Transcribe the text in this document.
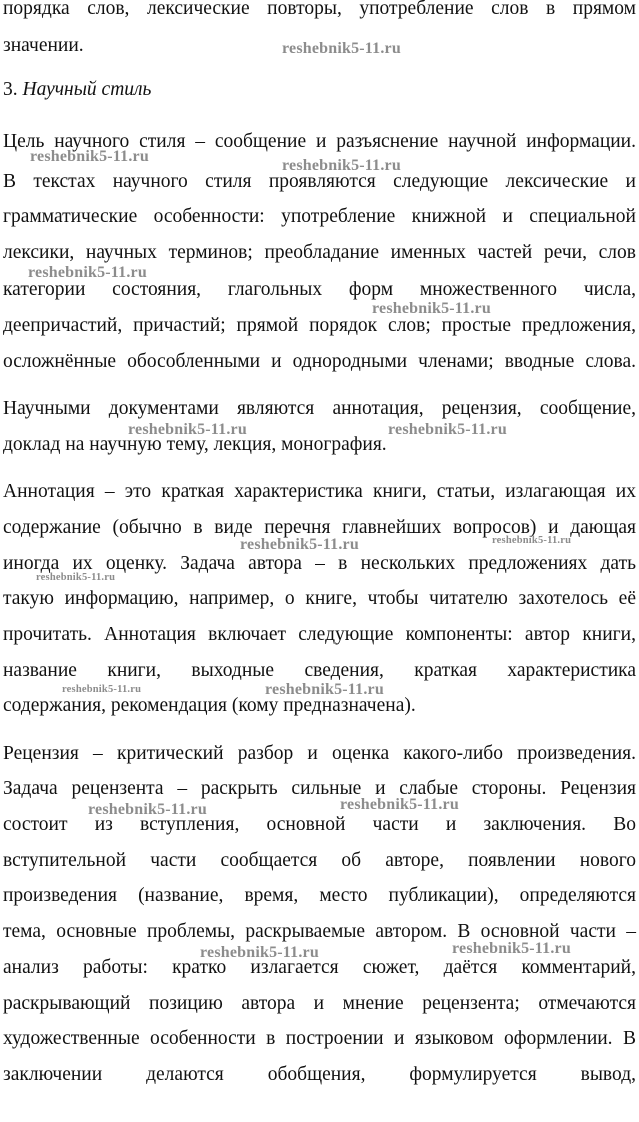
порядка слов, лексические повторы, употребление слов в прямом
значении.
3. Научный стиль
Цель научного стиля – сообщение и разъяснение научной информации.
В текстах научного стиля проявляются следующие лексические и
грамматические особенности: употребление книжной и специальной
лексики, научных терминов; преобладание именных частей речи, слов
категории состояния, глагольных форм множественного числа,
деепричастий, причастий; прямой порядок слов; простые предложения,
осложнённые обособленными и однородными членами; вводные слова.
Научными документами являются аннотация, рецензия, сообщение,
доклад на научную тему, лекция, монография.
Аннотация – это краткая характеристика книги, статьи, излагающая их
содержание (обычно в виде перечня главнейших вопросов) и дающая
иногда их оценку. Задача автора – в нескольких предложениях дать
такую информацию, например, о книге, чтобы читателю захотелось её
прочитать. Аннотация включает следующие компоненты: автор книги,
название книги, выходные сведения, краткая характеристика
содержания, рекомендация (кому предназначена).
Рецензия – критический разбор и оценка какого-либо произведения.
Задача рецензента – раскрыть сильные и слабые стороны. Рецензия
состоит из вступления, основной части и заключения. Во
вступительной части сообщается об авторе, появлении нового
произведения (название, время, место публикации), определяются
тема, основные проблемы, раскрываемые автором. В основной части –
анализ работы: кратко излагается сюжет, даётся комментарий,
раскрывающий позицию автора и мнение рецензента; отмечаются
художественные особенности в построении и языковом оформлении. В
заключении делаются обобщения, формулируется вывод,
reshebnik5-11.ru
reshebnik5-11.ru
reshebnik5-11.ru
reshebnik5-11.ru
reshebnik5-11.ru
reshebnik5-11.ru	reshebnik5-11.ru
reshebnik5-11.ru	reshebnik5-11.ru
reshebnik5-11.ru
reshebnik5-11.ru	reshebnik5-11.ru
reshebnik5-11.ru	reshebnik5-11.ru
reshebnik5-11.ru	reshebnik5-11.ru
